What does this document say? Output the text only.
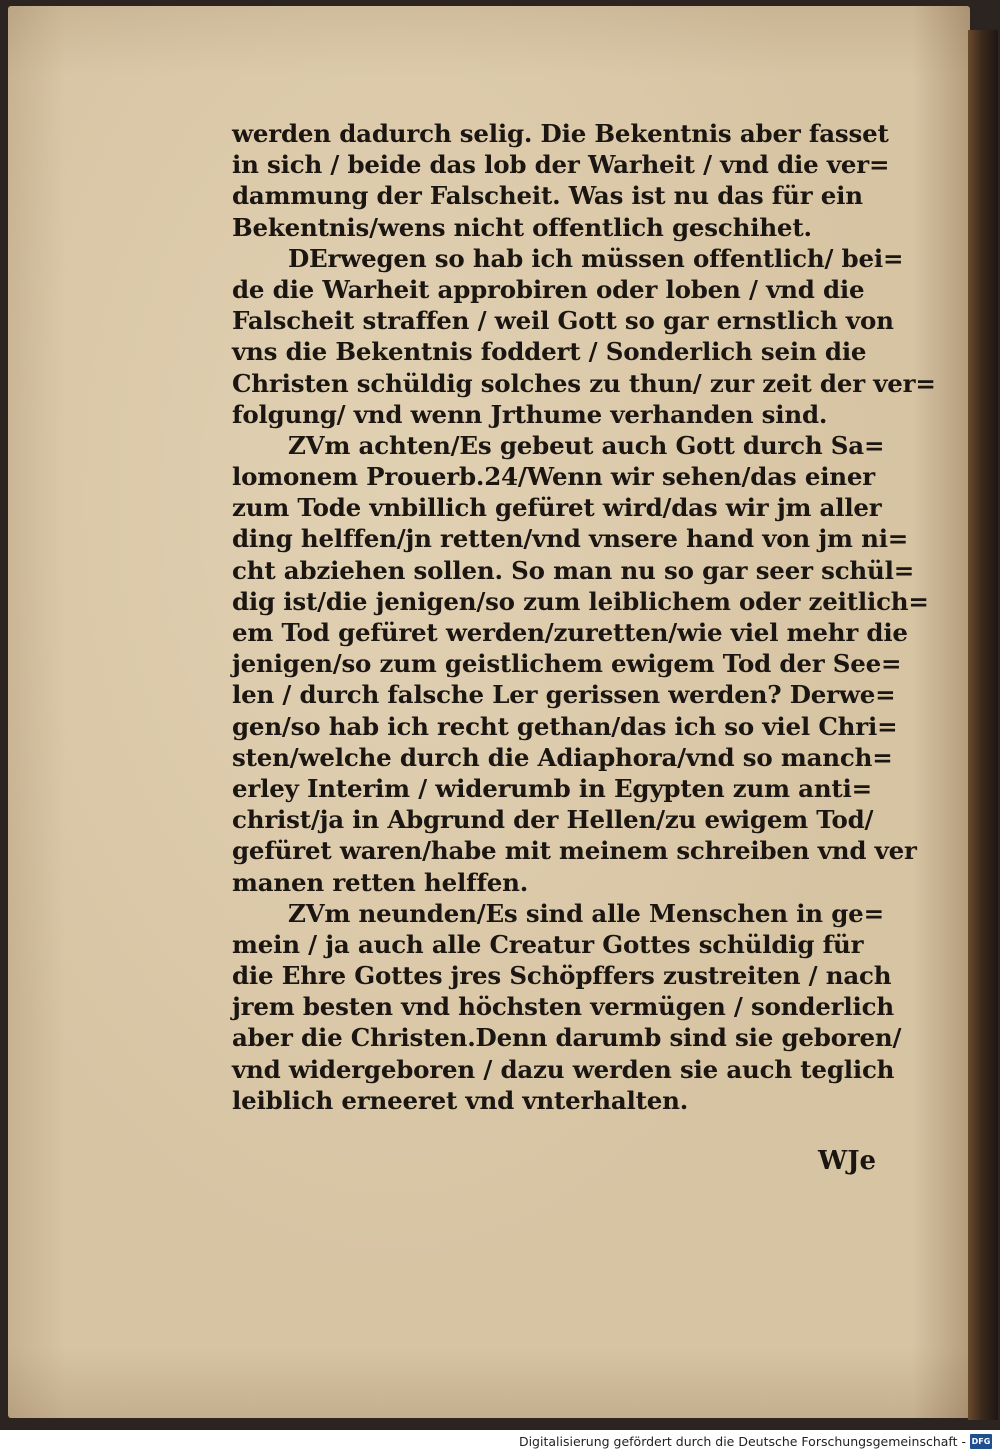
werden dadurch selig. Die Bekentnis aber fasset
in sich / beide das lob der Warheit / vnd die ver=
dammung der Falscheit. Was ist nu das für ein
Bekentnis/wens nicht offentlich geschihet.
DErwegen so hab ich müssen offentlich/ bei=
de die Warheit approbiren oder loben / vnd die
Falscheit straffen / weil Gott so gar ernstlich von
vns die Bekentnis foddert / Sonderlich sein die
Christen schüldig solches zu thun/ zur zeit der ver=
folgung/ vnd wenn Jrthume verhanden sind.
ZVm achten/Es gebeut auch Gott durch Sa=
lomonem Prouerb.24/Wenn wir sehen/das einer
zum Tode vnbillich gefüret wird/das wir jm aller
ding helffen/jn retten/vnd vnsere hand von jm ni=
cht abziehen sollen. So man nu so gar seer schül=
dig ist/die jenigen/so zum leiblichem oder zeitlich=
em Tod gefüret werden/zuretten/wie viel mehr die
jenigen/so zum geistlichem ewigem Tod der See=
len / durch falsche Ler gerissen werden? Derwe=
gen/so hab ich recht gethan/das ich so viel Chri=
sten/welche durch die Adiaphora/vnd so manch=
erley Interim / widerumb in Egypten zum anti=
christ/ja in Abgrund der Hellen/zu ewigem Tod/
gefüret waren/habe mit meinem schreiben vnd ver
manen retten helffen.
ZVm neunden/Es sind alle Menschen in ge=
mein / ja auch alle Creatur Gottes schüldig für
die Ehre Gottes jres Schöpffers zustreiten / nach
jrem besten vnd höchsten vermügen / sonderlich
aber die Christen.Denn darumb sind sie geboren/
vnd widergeboren / dazu werden sie auch teglich
leiblich erneeret vnd vnterhalten.
WJe
Digitalisierung gefördert durch die Deutsche Forschungsgemeinschaft - DFG
